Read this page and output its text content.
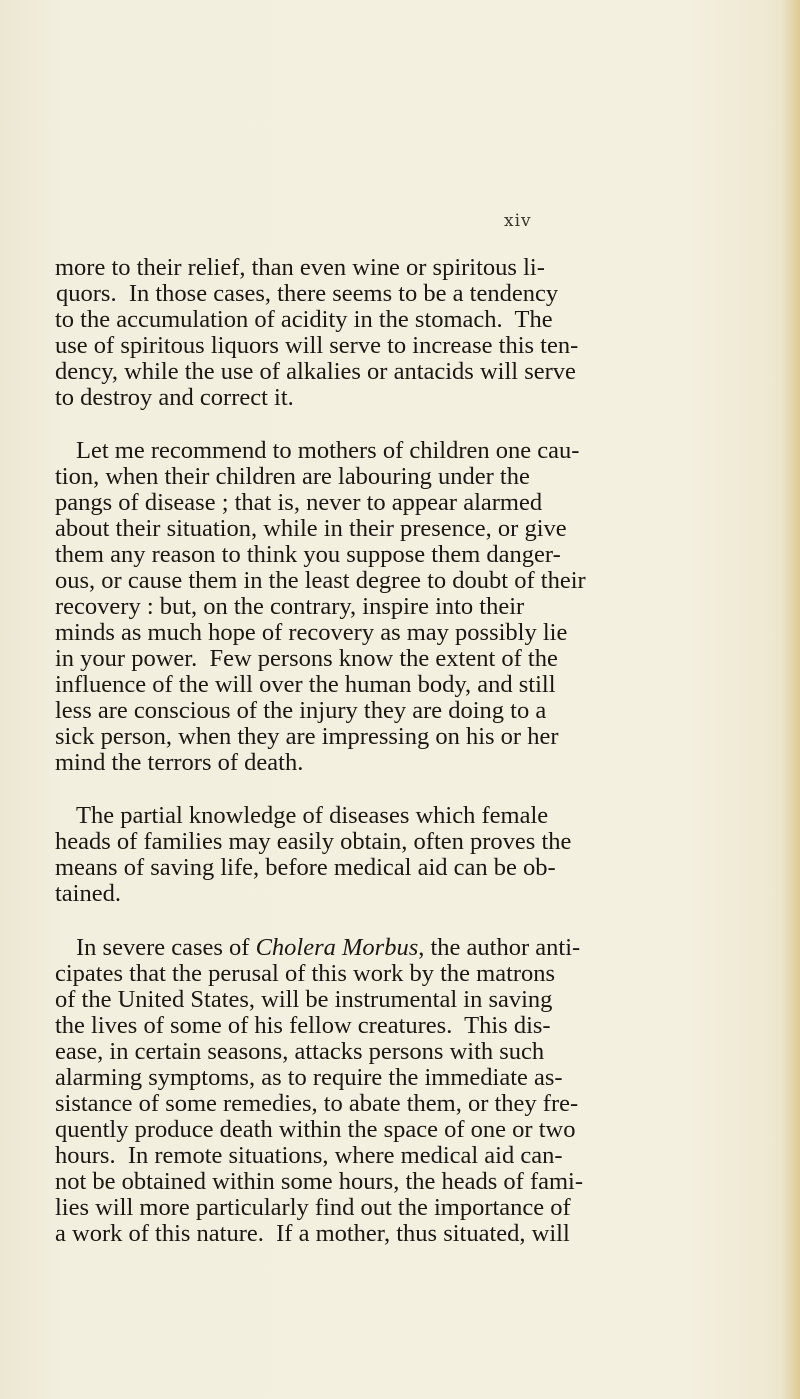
xiv

more to their relief, than even wine or spiritous li-

quors.  In those cases, there seems to be a tendency

to the accumulation of acidity in the stomach.  The

use of spiritous liquors will serve to increase this ten-

dency, while the use of alkalies or antacids will serve

to destroy and correct it.

Let me recommend to mothers of children one cau-

tion, when their children are labouring under the

pangs of disease ; that is, never to appear alarmed

about their situation, while in their presence, or give

them any reason to think you suppose them danger-

ous, or cause them in the least degree to doubt of their

recovery : but, on the contrary, inspire into their

minds as much hope of recovery as may possibly lie

in your power.  Few persons know the extent of the

influence of the will over the human body, and still

less are conscious of the injury they are doing to a

sick person, when they are impressing on his or her

mind the terrors of death.

The partial knowledge of diseases which female

heads of families may easily obtain, often proves the

means of saving life, before medical aid can be ob-

tained.

In severe cases of Cholera Morbus, the author anti-

cipates that the perusal of this work by the matrons

of the United States, will be instrumental in saving

the lives of some of his fellow creatures.  This dis-

ease, in certain seasons, attacks persons with such

alarming symptoms, as to require the immediate as-

sistance of some remedies, to abate them, or they fre-

quently produce death within the space of one or two

hours.  In remote situations, where medical aid can-

not be obtained within some hours, the heads of fami-

lies will more particularly find out the importance of

a work of this nature.  If a mother, thus situated, will
